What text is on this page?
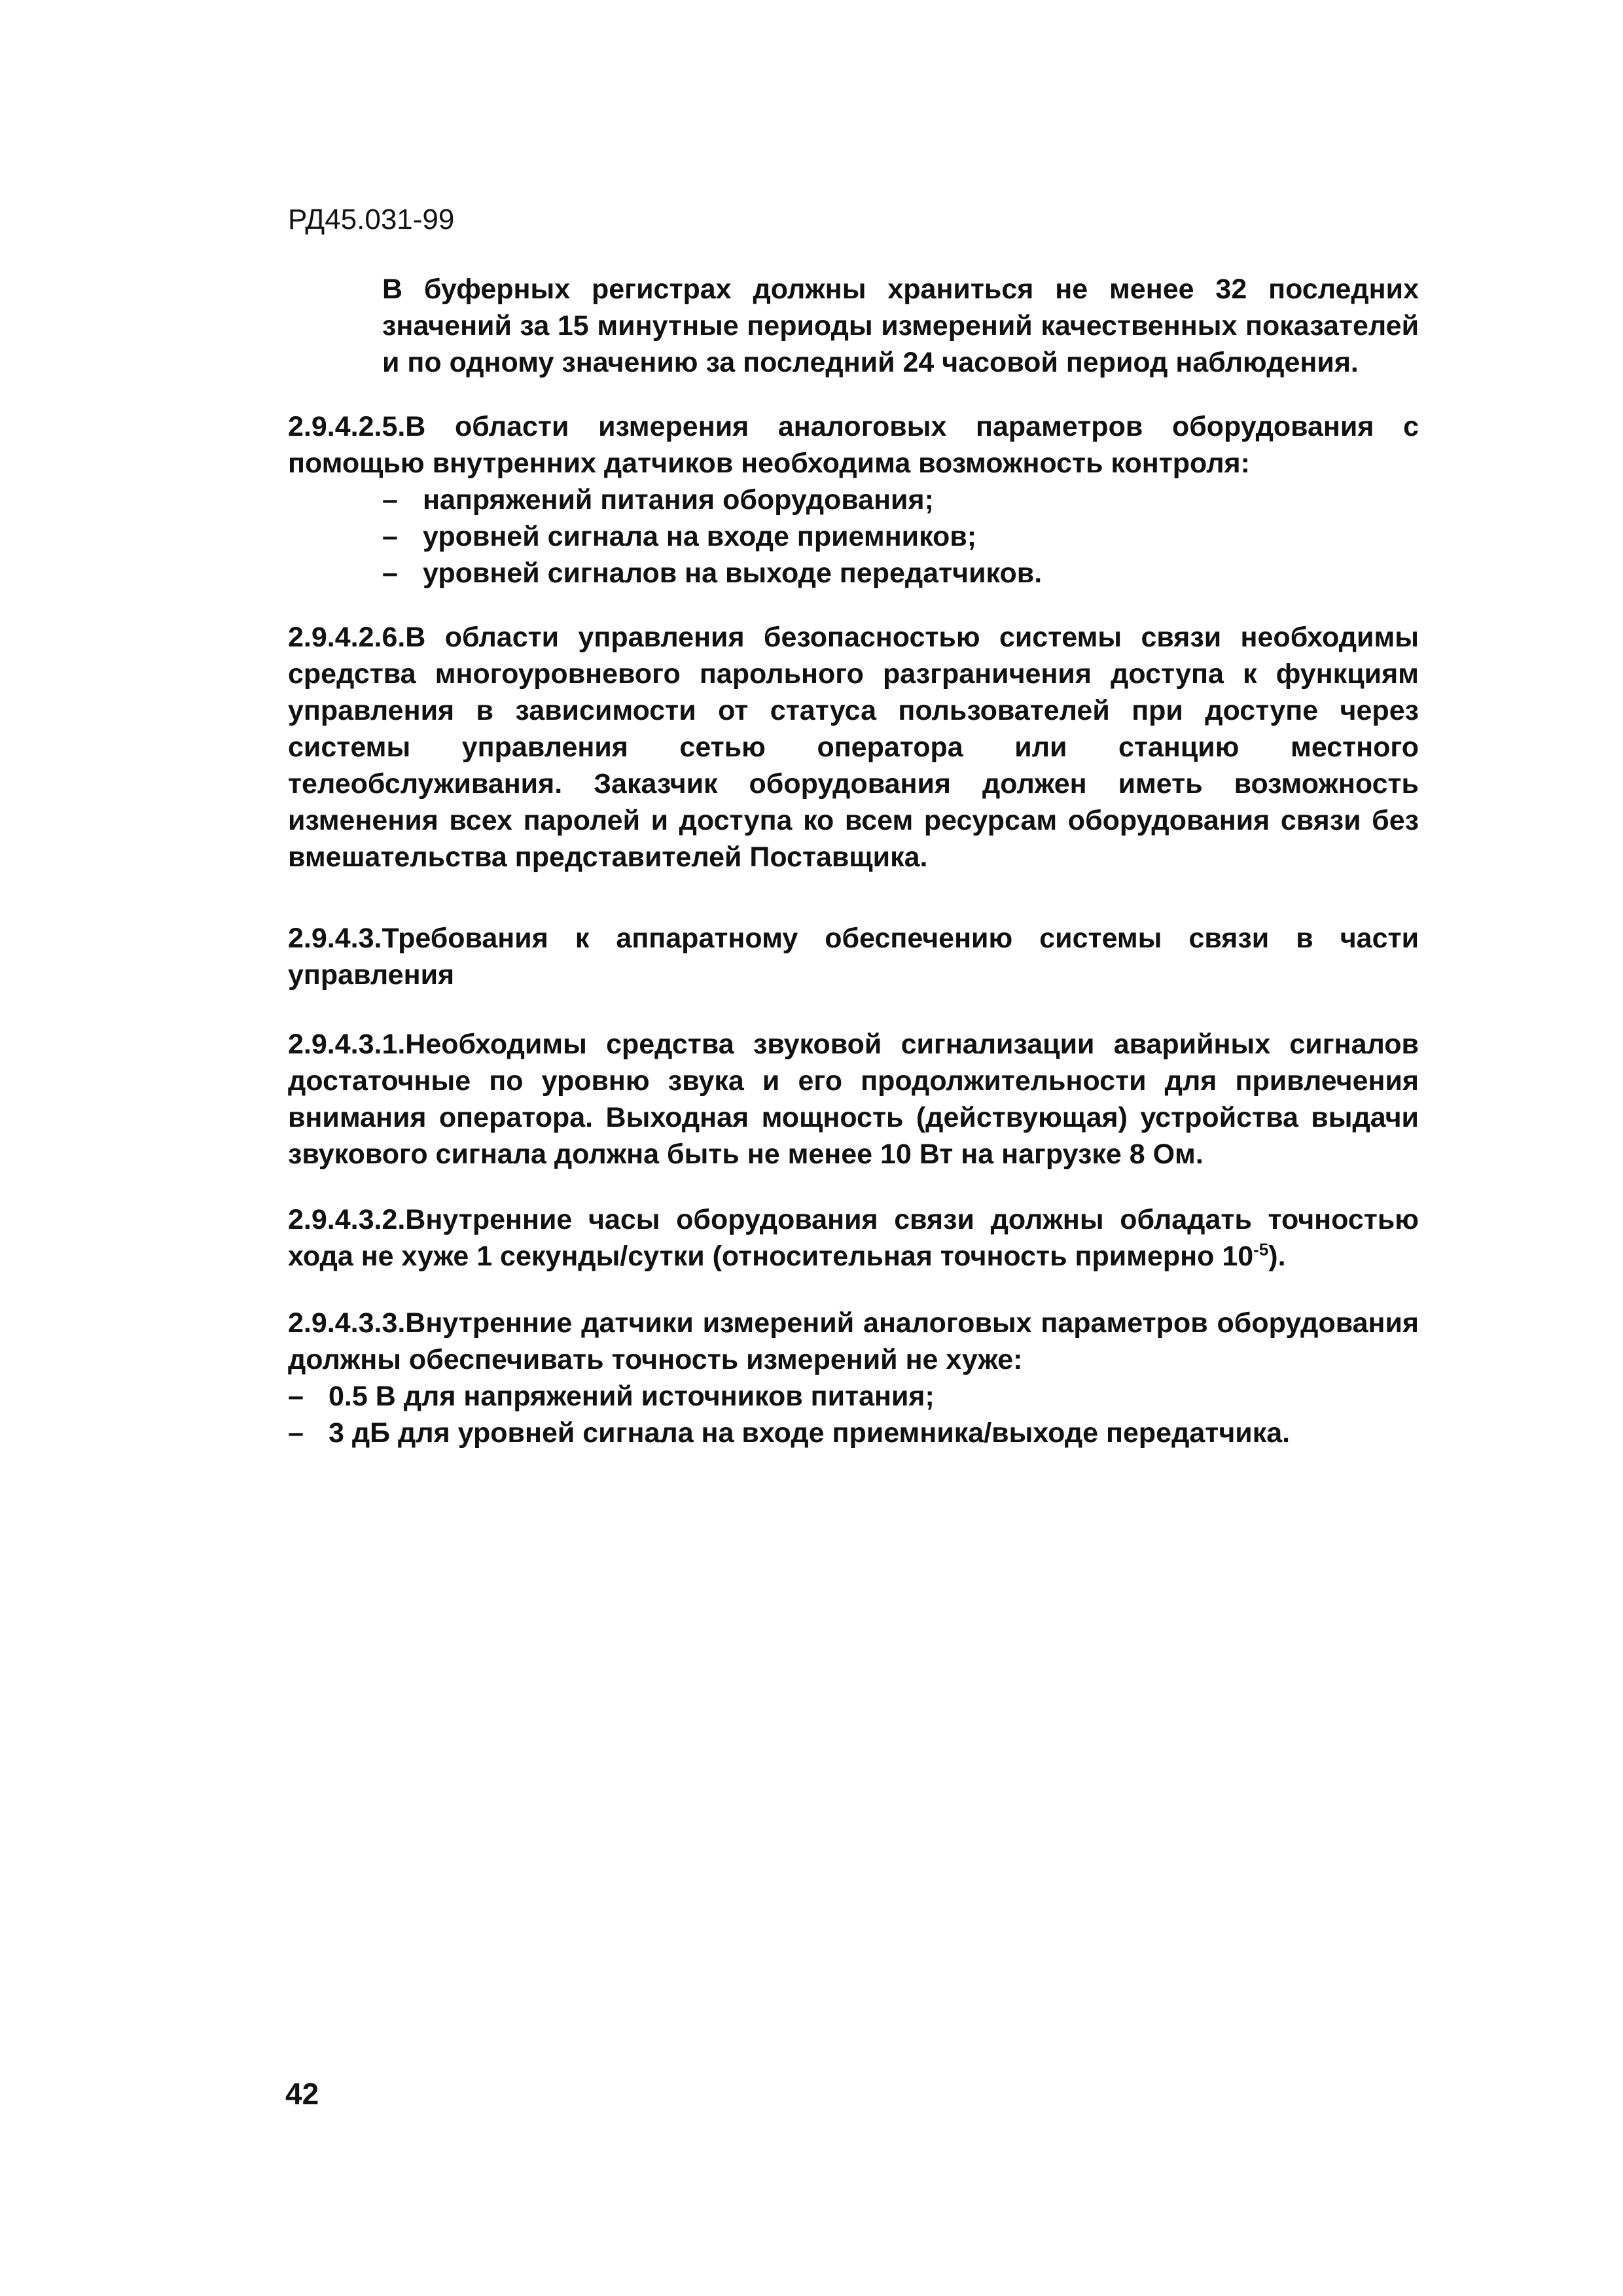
РД45.031-99

В буферных регистрах должны храниться не менее 32 последних значений за 15 минутные периоды измерений качественных показателей и по одному значению за последний 24 часовой период наблюдения.

2.9.4.2.5.В области измерения аналоговых параметров оборудования с помощью внутренних датчиков необходима возможность контроля:

– напряжений питания оборудования;
– уровней сигнала на входе приемников;
– уровней сигналов на выходе передатчиков.

2.9.4.2.6.В области управления безопасностью системы связи необходимы средства многоуровневого парольного разграничения доступа к функциям управления в зависимости от статуса пользователей при доступе через системы управления сетью оператора или станцию местного телеобслуживания. Заказчик оборудования должен иметь возможность изменения всех паролей и доступа ко всем ресурсам оборудования связи без вмешательства представителей Поставщика.

2.9.4.3.Требования к аппаратному обеспечению системы связи в части управления

2.9.4.3.1.Необходимы средства звуковой сигнализации аварийных сигналов достаточные по уровню звука и его продолжительности для привлечения внимания оператора. Выходная мощность (действующая) устройства выдачи звукового сигнала должна быть не менее 10 Вт на нагрузке 8 Ом.

2.9.4.3.2.Внутренние часы оборудования связи должны обладать точностью хода не хуже 1 секунды/сутки (относительная точность примерно $10^{-5}$).

2.9.4.3.3.Внутренние датчики измерений аналоговых параметров оборудования должны обеспечивать точность измерений не хуже:

– 0.5 В для напряжений источников питания;
– 3 дБ для уровней сигнала на входе приемника/выходе передатчика.

42
